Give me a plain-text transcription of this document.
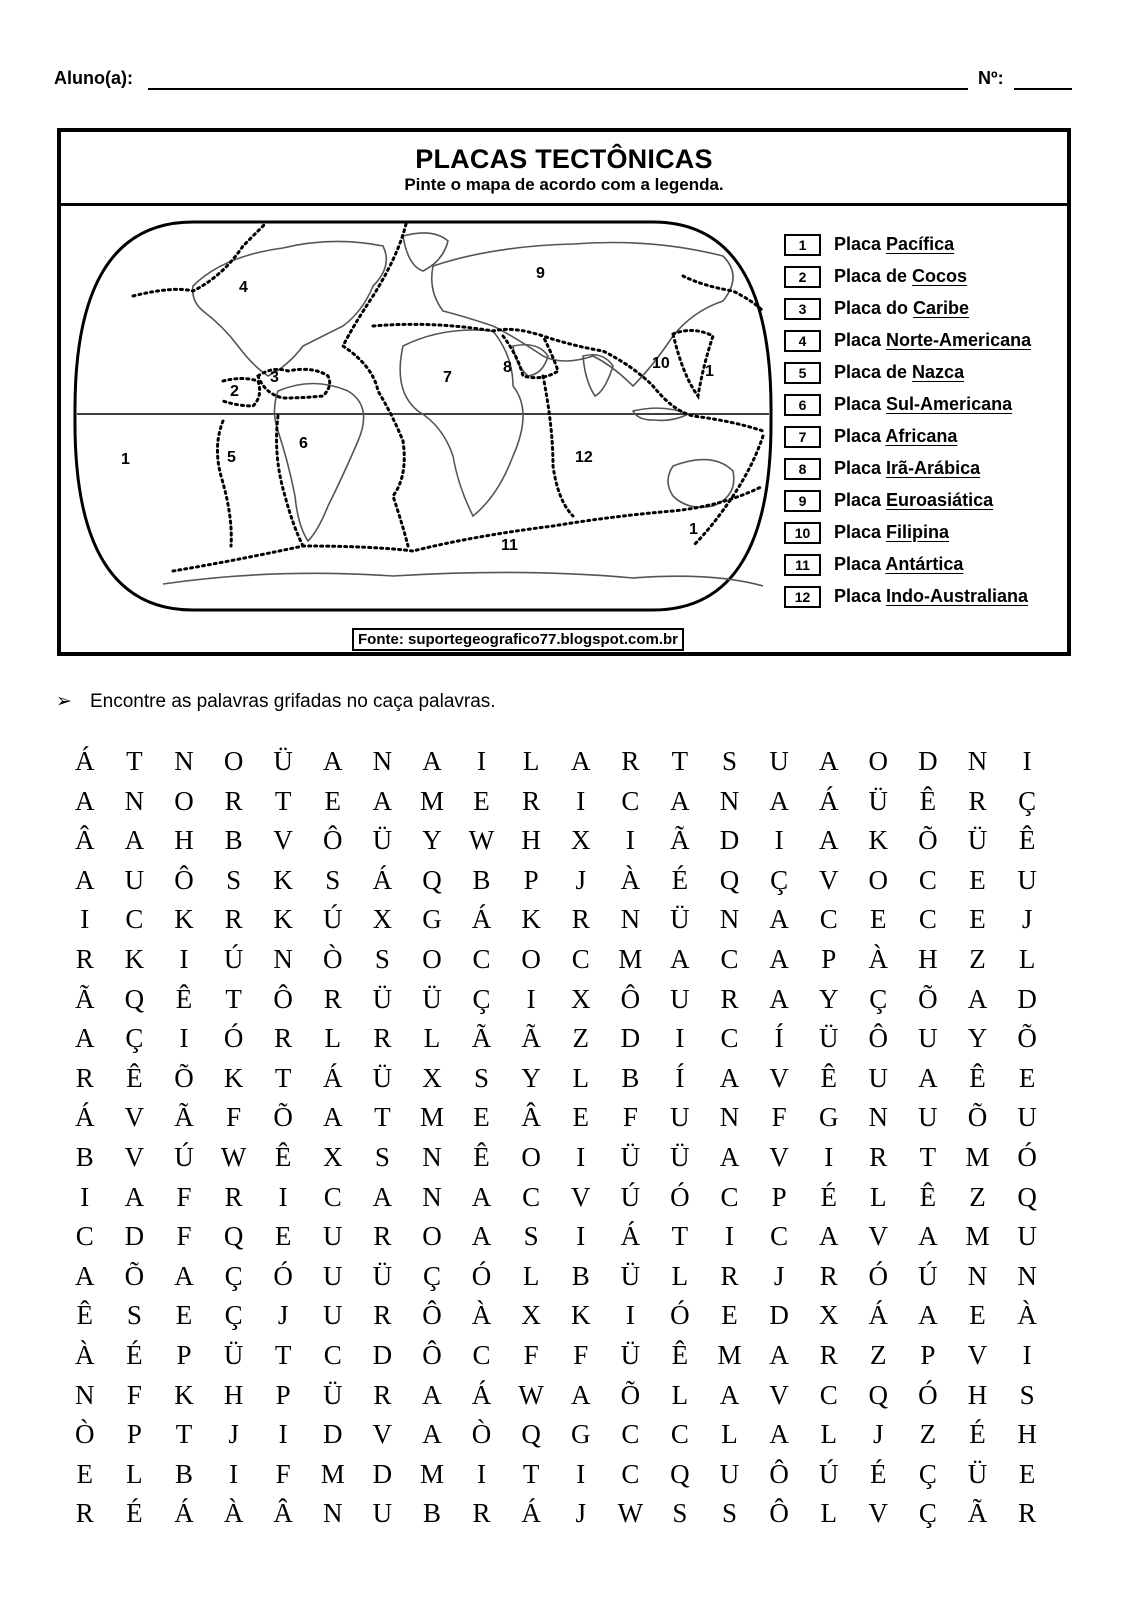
Aluno(a):	Nº:
PLACAS TECTÔNICAS
Pinte o mapa de acordo com a legenda.
1
1
1
2
3
4
5
6
7
8
9
10
11
12
1	Placa Pacífica
2	Placa de Cocos
3	Placa do Caribe
4	Placa Norte-Americana
5	Placa de Nazca
6	Placa Sul-Americana
7	Placa Africana
8	Placa Irã-Arábica
9	Placa Euroasiática
10	Placa Filipina
11	Placa Antártica
12	Placa Indo-Australiana
Fonte: suportegeografico77.blogspot.com.br
➢ Encontre as palavras grifadas no caça palavras.
Á	T	N	O	Ü	A	N	A	I	L	A	R	T	S	U	A	O	D	N	I
A	N	O	R	T	E	A	M	E	R	I	C	A	N	A	Á	Ü	Ê	R	Ç
Â	A	H	B	V	Ô	Ü	Y	W	H	X	I	Ã	D	I	A	K	Õ	Ü	Ê
A	U	Ô	S	K	S	Á	Q	B	P	J	À	É	Q	Ç	V	O	C	E	U
I	C	K	R	K	Ú	X	G	Á	K	R	N	Ü	N	A	C	E	C	E	J
R	K	I	Ú	N	Ò	S	O	C	O	C	M	A	C	A	P	À	H	Z	L
Ã	Q	Ê	T	Ô	R	Ü	Ü	Ç	I	X	Ô	U	R	A	Y	Ç	Õ	A	D
A	Ç	I	Ó	R	L	R	L	Ã	Ã	Z	D	I	C	Í	Ü	Ô	U	Y	Õ
R	Ê	Õ	K	T	Á	Ü	X	S	Y	L	B	Í	A	V	Ê	U	A	Ê	E
Á	V	Ã	F	Õ	A	T	M	E	Â	E	F	U	N	F	G	N	U	Õ	U
B	V	Ú	W	Ê	X	S	N	Ê	O	I	Ü	Ü	A	V	I	R	T	M	Ó
I	A	F	R	I	C	A	N	A	C	V	Ú	Ó	C	P	É	L	Ê	Z	Q
C	D	F	Q	E	U	R	O	A	S	I	Á	T	I	C	A	V	A	M	U
A	Õ	A	Ç	Ó	U	Ü	Ç	Ó	L	B	Ü	L	R	J	R	Ó	Ú	N	N
Ê	S	E	Ç	J	U	R	Ô	À	X	K	I	Ó	E	D	X	Á	A	E	À
À	É	P	Ü	T	C	D	Ô	C	F	F	Ü	Ê	M	A	R	Z	P	V	I
N	F	K	H	P	Ü	R	A	Á	W	A	Õ	L	A	V	C	Q	Ó	H	S
Ò	P	T	J	I	D	V	A	Ò	Q	G	C	C	L	A	L	J	Z	É	H
E	L	B	I	F	M	D	M	I	T	I	C	Q	U	Ô	Ú	É	Ç	Ü	E
R	É	Á	À	Â	N	U	B	R	Á	J	W	S	S	Ô	L	V	Ç	Ã	R
